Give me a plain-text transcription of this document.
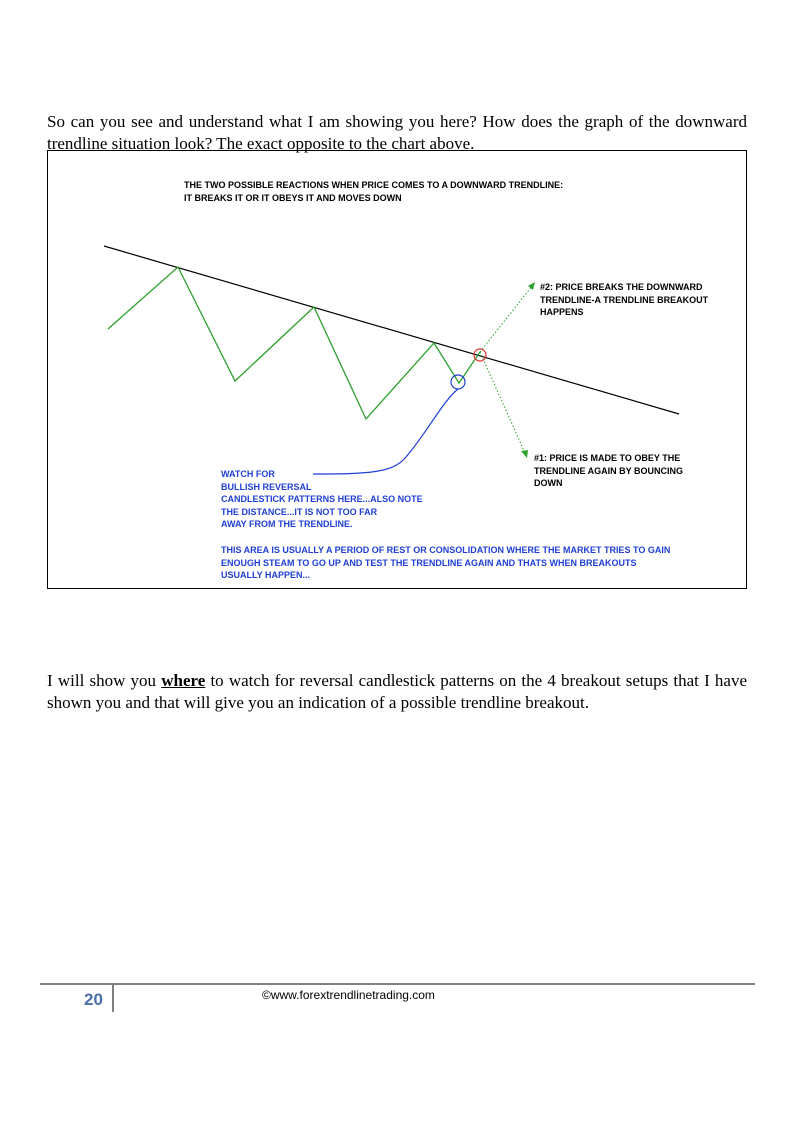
So can you see and understand what I am showing you here? How does the graph of the downward trendline situation look? The exact opposite to the chart above.

THE TWO POSSIBLE REACTIONS WHEN PRICE COMES TO A DOWNWARD TRENDLINE:
IT BREAKS IT OR IT OBEYS IT AND MOVES DOWN

#2: PRICE BREAKS THE DOWNWARD
TRENDLINE-A TRENDLINE BREAKOUT
HAPPENS

#1: PRICE IS MADE TO OBEY THE
TRENDLINE AGAIN BY BOUNCING
DOWN

WATCH FOR
BULLISH REVERSAL
CANDLESTICK PATTERNS HERE...ALSO NOTE
THE DISTANCE...IT IS NOT TOO FAR
AWAY FROM THE TRENDLINE.

THIS AREA IS USUALLY A PERIOD OF REST OR CONSOLIDATION WHERE THE MARKET TRIES TO GAIN
ENOUGH STEAM TO GO UP AND TEST THE TRENDLINE AGAIN AND THATS WHEN BREAKOUTS
USUALLY HAPPEN...

I will show you where to watch for reversal candlestick patterns on the 4 breakout setups that I have shown you and that will give you an indication of a possible trendline breakout.

20	©www.forextrendlinetrading.com
